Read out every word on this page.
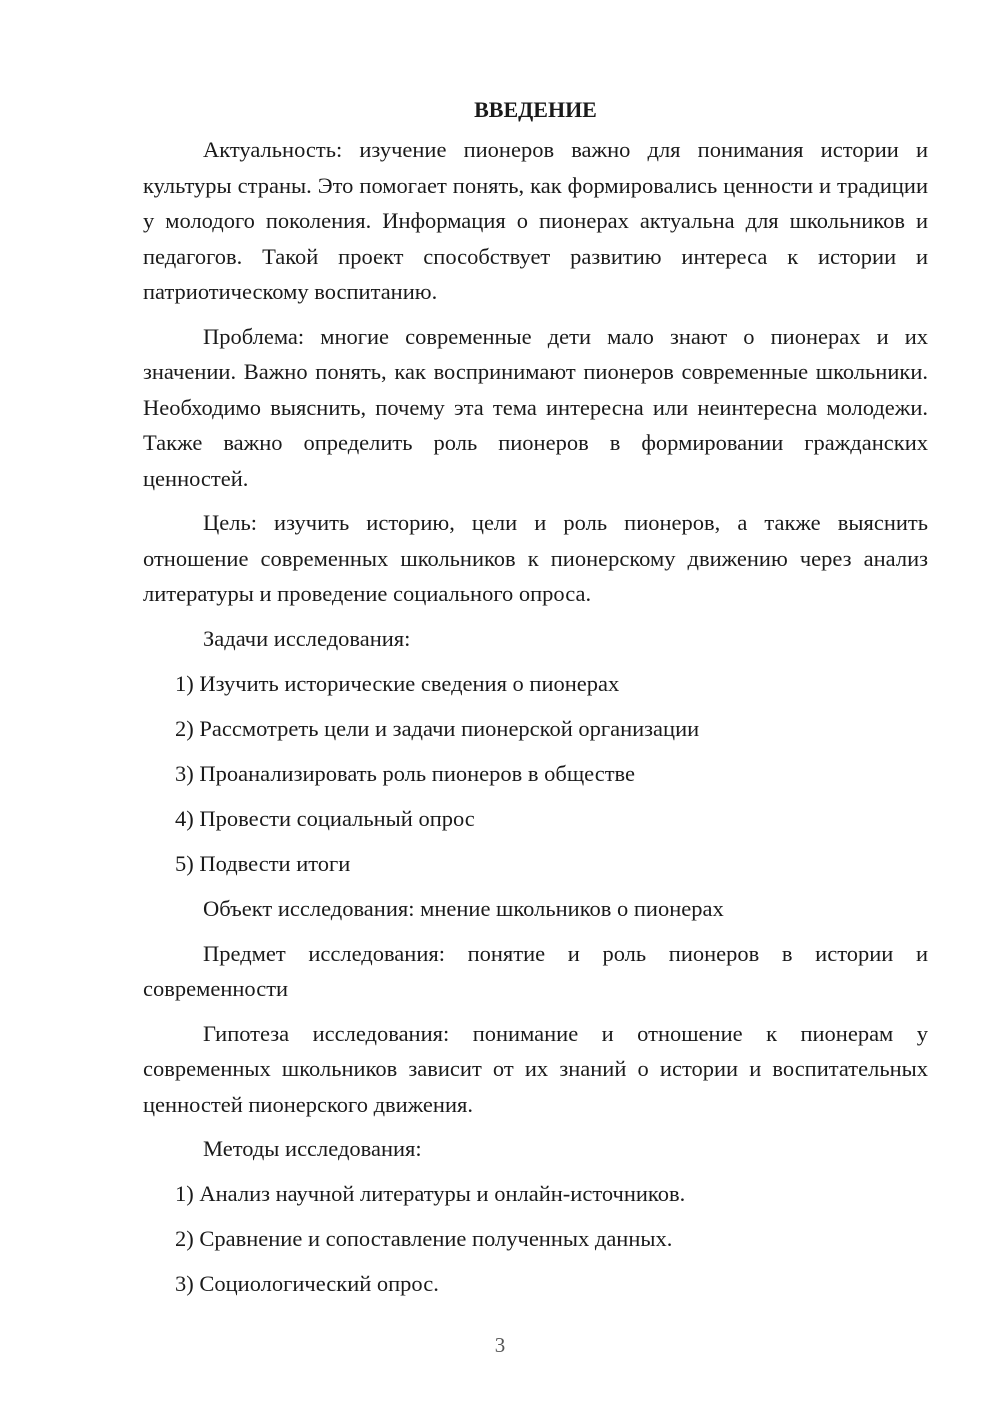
ВВЕДЕНИЕ

Актуальность: изучение пионеров важно для понимания истории и культуры страны. Это помогает понять, как формировались ценности и традиции у молодого поколения. Информация о пионерах актуальна для школьников и педагогов. Такой проект способствует развитию интереса к истории и патриотическому воспитанию.

Проблема: многие современные дети мало знают о пионерах и их значении. Важно понять, как воспринимают пионеров современные школьники. Необходимо выяснить, почему эта тема интересна или неинтересна молодежи. Также важно определить роль пионеров в формировании гражданских ценностей.

Цель: изучить историю, цели и роль пионеров, а также выяснить отношение современных школьников к пионерскому движению через анализ литературы и проведение социального опроса.

Задачи исследования:
1) Изучить исторические сведения о пионерах
2) Рассмотреть цели и задачи пионерской организации
3) Проанализировать роль пионеров в обществе
4) Провести социальный опрос
5) Подвести итоги
Объект исследования: мнение школьников о пионерах

Предмет исследования: понятие и роль пионеров в истории и современности

Гипотеза исследования: понимание и отношение к пионерам у современных школьников зависит от их знаний о истории и воспитательных ценностей пионерского движения.

Методы исследования:
1) Анализ научной литературы и онлайн-источников.
2) Сравнение и сопоставление полученных данных.
3) Социологический опрос.
3
